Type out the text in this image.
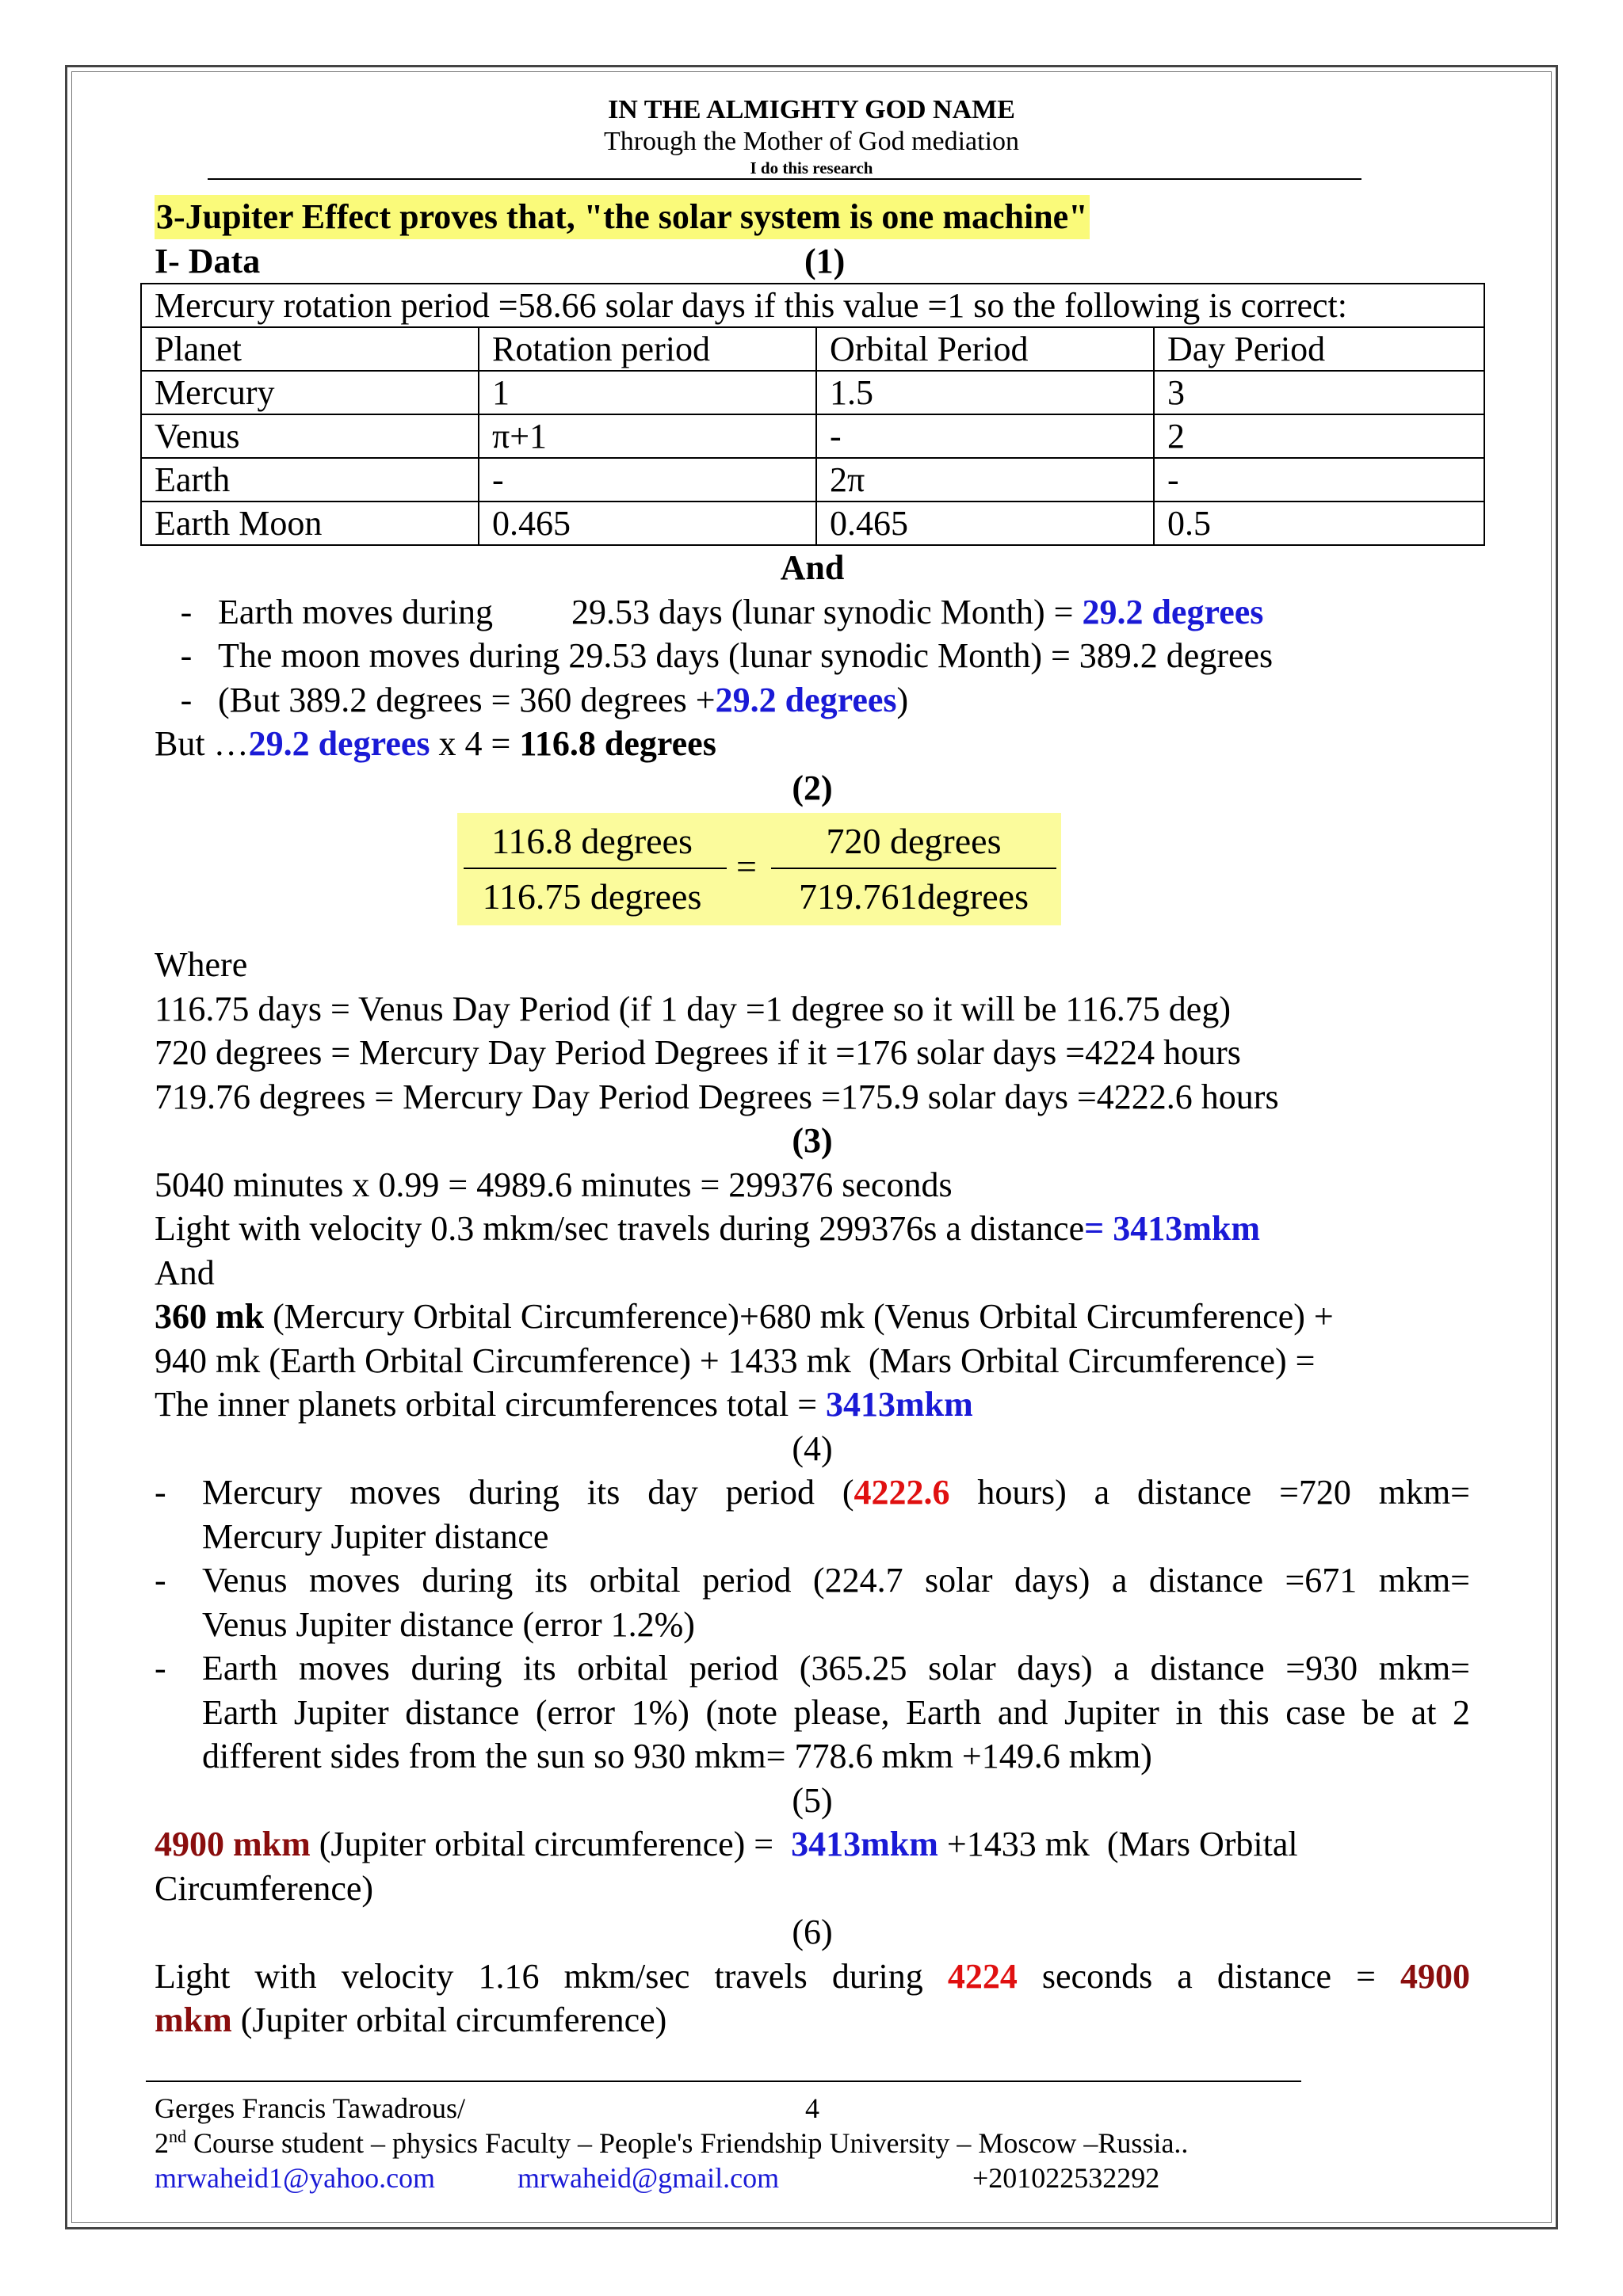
IN THE ALMIGHTY GOD NAME
Through the Mother of God mediation
I do this research
3-Jupiter Effect proves that, "the solar system is one machine"
I- Data	(1)
Mercury rotation period =58.66 solar days if this value =1 so the following is correct:			
Planet	Rotation period	Orbital Period	Day Period
Mercury	1	1.5	3
Venus	π+1	-	2
Earth	-	2π	-
Earth Moon	0.465	0.465	0.5
And
- Earth moves during         29.53 days (lunar synodic Month) = 29.2 degrees
- The moon moves during 29.53 days (lunar synodic Month) = 389.2 degrees
- (But 389.2 degrees = 360 degrees +29.2 degrees)
But …29.2 degrees x 4 = 116.8 degrees
(2)
116.8 degrees
116.75 degrees
=
720 degrees
719.761degrees
Where
116.75 days = Venus Day Period (if 1 day =1 degree so it will be 116.75 deg)
720 degrees = Mercury Day Period Degrees if it =176 solar days =4224 hours
719.76 degrees = Mercury Day Period Degrees =175.9 solar days =4222.6 hours
(3)
5040 minutes x 0.99 = 4989.6 minutes = 299376 seconds
Light with velocity 0.3 mkm/sec travels during 299376s a distance= 3413mkm
And
360 mk (Mercury Orbital Circumference)+680 mk (Venus Orbital Circumference) +
940 mk (Earth Orbital Circumference) + 1433 mk  (Mars Orbital Circumference) =
The inner planets orbital circumferences total = 3413mkm
(4)
-	Mercury moves during its day period (4222.6 hours) a distance =720 mkm=
Mercury Jupiter distance
-	Venus moves during its orbital period (224.7 solar days) a distance =671 mkm=
Venus Jupiter distance (error 1.2%)
-	Earth moves during its orbital period (365.25 solar days) a distance =930 mkm=
Earth Jupiter distance (error 1%) (note please, Earth and Jupiter in this case be at 2
different sides from the sun so 930 mkm= 778.6 mkm +149.6 mkm)
(5)
4900 mkm (Jupiter orbital circumference) =  3413mkm +1433 mk  (Mars Orbital
Circumference)
(6)
Light with velocity 1.16 mkm/sec travels during 4224 seconds a distance = 4900
mkm (Jupiter orbital circumference)
Gerges Francis Tawadrous/	4
2nd Course student – physics Faculty – People's Friendship University – Moscow –Russia..
mrwaheid1@yahoo.com	mrwaheid@gmail.com	+201022532292
